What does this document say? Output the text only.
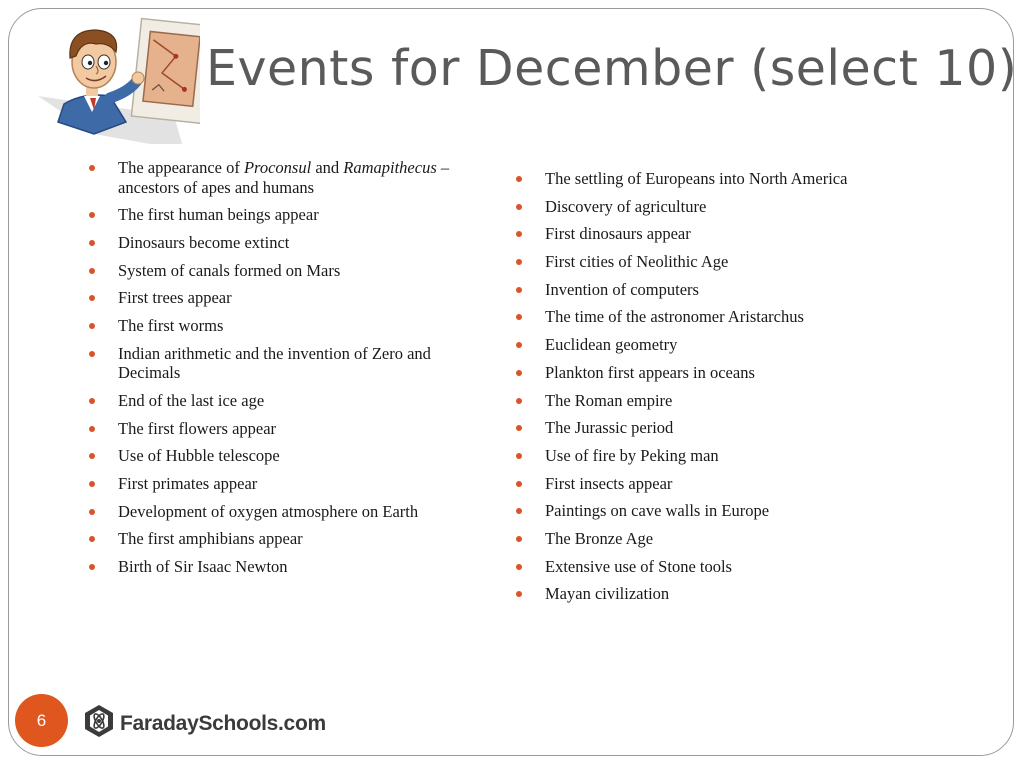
Events for December (select 10)
The appearance of Proconsul and Ramapithecus – ancestors of apes and humans
The first human beings appear
Dinosaurs become extinct
System of canals formed on Mars
First trees appear
The first worms
Indian arithmetic and the invention of Zero and Decimals
End of the last ice age
The first flowers appear
Use of Hubble telescope
First primates appear
Development of oxygen atmosphere on Earth
The first amphibians appear
Birth of Sir Isaac Newton
The settling of Europeans into North America
Discovery of agriculture
First dinosaurs appear
First cities of Neolithic Age
Invention of computers
The time of the astronomer Aristarchus
Euclidean geometry
Plankton first appears in oceans
The Roman empire
The Jurassic period
Use of fire by Peking man
First insects appear
Paintings on cave walls in Europe
The Bronze Age
Extensive use of Stone tools
Mayan civilization
6	FaradaySchools.com
